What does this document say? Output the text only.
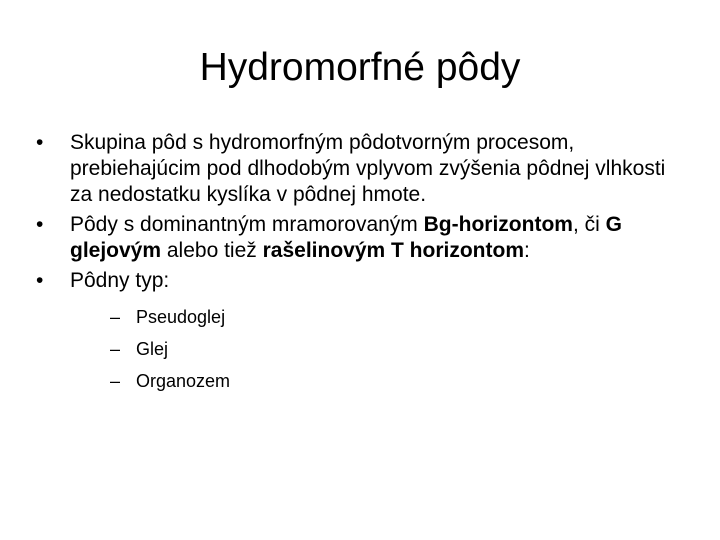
Hydromorfné pôdy
•	Skupina pôd s hydromorfným pôdotvorným procesom, prebiehajúcim pod dlhodobým vplyvom zvýšenia pôdnej vlhkosti za nedostatku kyslíka v pôdnej hmote.
•	Pôdy s dominantným mramorovaným Bg-horizontom, či G glejovým alebo tiež rašelinovým T horizontom:
•	Pôdny typ:
– Pseudoglej
– Glej
– Organozem
